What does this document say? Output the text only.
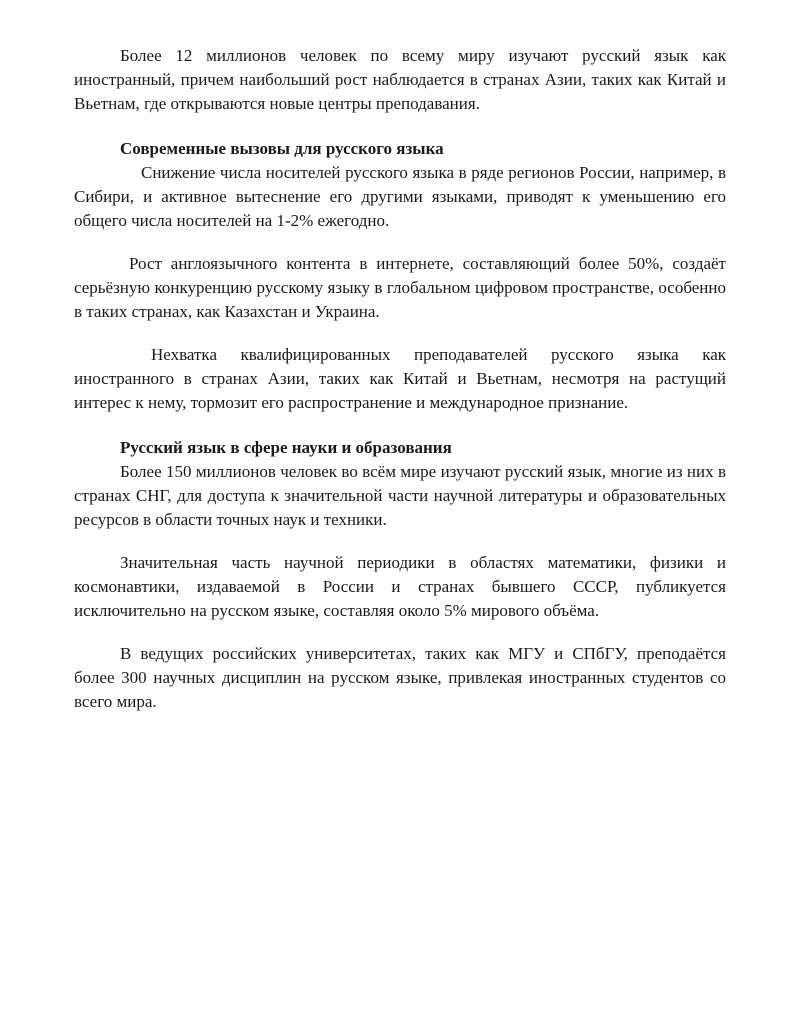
Более 12 миллионов человек по всему миру изучают русский язык как иностранный, причем наибольший рост наблюдается в странах Азии, таких как Китай и Вьетнам, где открываются новые центры преподавания.

Современные вызовы для русского языка

Снижение числа носителей русского языка в ряде регионов России, например, в Сибири, и активное вытеснение его другими языками, приводят к уменьшению его общего числа носителей на 1-2% ежегодно.

Рост англоязычного контента в интернете, составляющий более 50%, создаёт серьёзную конкуренцию русскому языку в глобальном цифровом пространстве, особенно в таких странах, как Казахстан и Украина.

Нехватка квалифицированных преподавателей русского языка как иностранного в странах Азии, таких как Китай и Вьетнам, несмотря на растущий интерес к нему, тормозит его распространение и международное признание.

Русский язык в сфере науки и образования

Более 150 миллионов человек во всём мире изучают русский язык, многие из них в странах СНГ, для доступа к значительной части научной литературы и образовательных ресурсов в области точных наук и техники.

Значительная часть научной периодики в областях математики, физики и космонавтики, издаваемой в России и странах бывшего СССР, публикуется исключительно на русском языке, составляя около 5% мирового объёма.

В ведущих российских университетах, таких как МГУ и СПбГУ, преподаётся более 300 научных дисциплин на русском языке, привлекая иностранных студентов со всего мира.
